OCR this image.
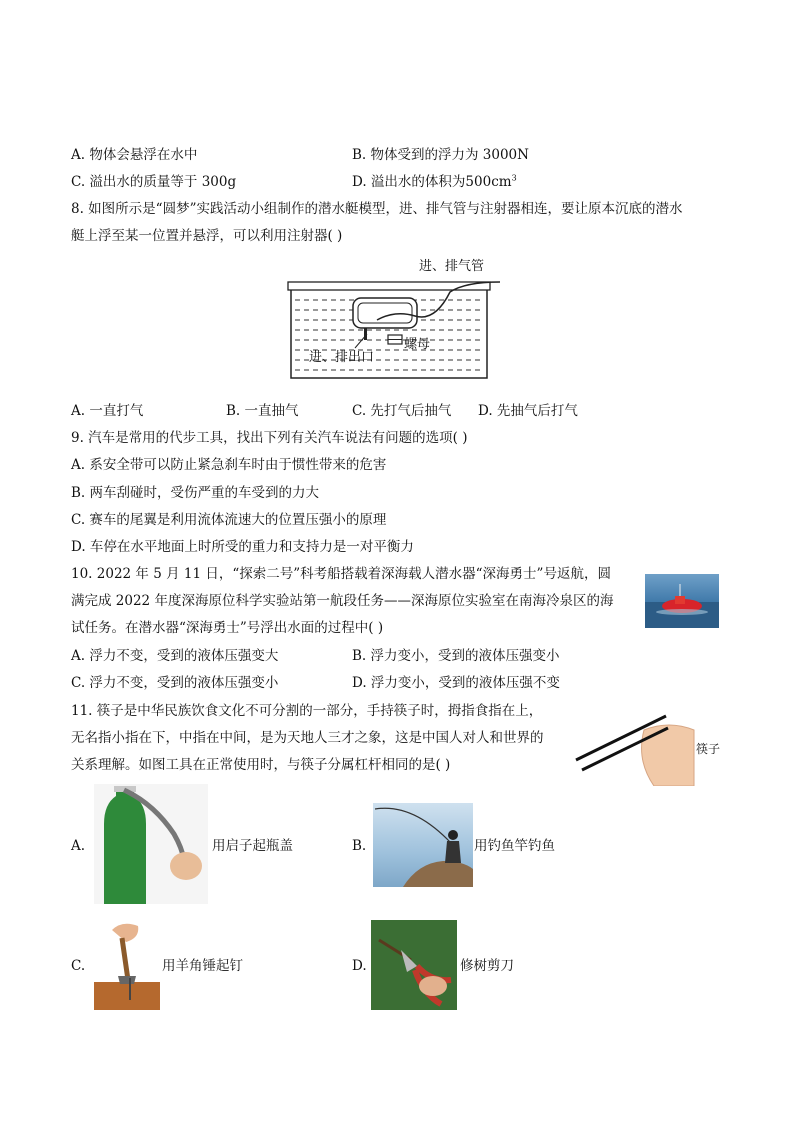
A. 物体会悬浮在水中	B. 物体受到的浮力为 3000N
C. 溢出水的质量等于 300g	D. 溢出水的体积为$500cm^3$
8. 如图所示是“圆梦”实践活动小组制作的潜水艇模型，进、排气管与注射器相连，要让原本沉底的潜水
艇上浮至某一位置并悬浮，可以利用注射器( )
进、排气管
螺母
进、排出口
A. 一直打气	B. 一直抽气	C. 先打气后抽气 D. 先抽气后打气
9. 汽车是常用的代步工具，找出下列有关汽车说法有问题的选项( )
A. 系安全带可以防止紧急刹车时由于惯性带来的危害
B. 两车刮碰时，受伤严重的车受到的力大
C. 赛车的尾翼是利用流体流速大的位置压强小的原理
D. 车停在水平地面上时所受的重力和支持力是一对平衡力
10. 2022 年 5 月 11 日，“探索二号”科考船搭载着深海载人潜水器“深海勇士”号返航，圆
满完成 2022 年度深海原位科学实验站第一航段任务——深海原位实验室在南海冷泉区的海
试任务。在潜水器“深海勇士”号浮出水面的过程中( )
A. 浮力不变，受到的液体压强变大	B. 浮力变小，受到的液体压强变小
C. 浮力不变，受到的液体压强变小	D. 浮力变小，受到的液体压强不变
11. 筷子是中华民族饮食文化不可分割的一部分，手持筷子时，拇指食指在上，
无名指小指在下，中指在中间，是为天地人三才之象，这是中国人对人和世界的
关系理解。如图工具在正常使用时，与筷子分属杠杆相同的是( )
筷子
A.	用启子起瓶盖	B.	用钓鱼竿钓鱼
C.	用羊角锤起钉	D.	修树剪刀
